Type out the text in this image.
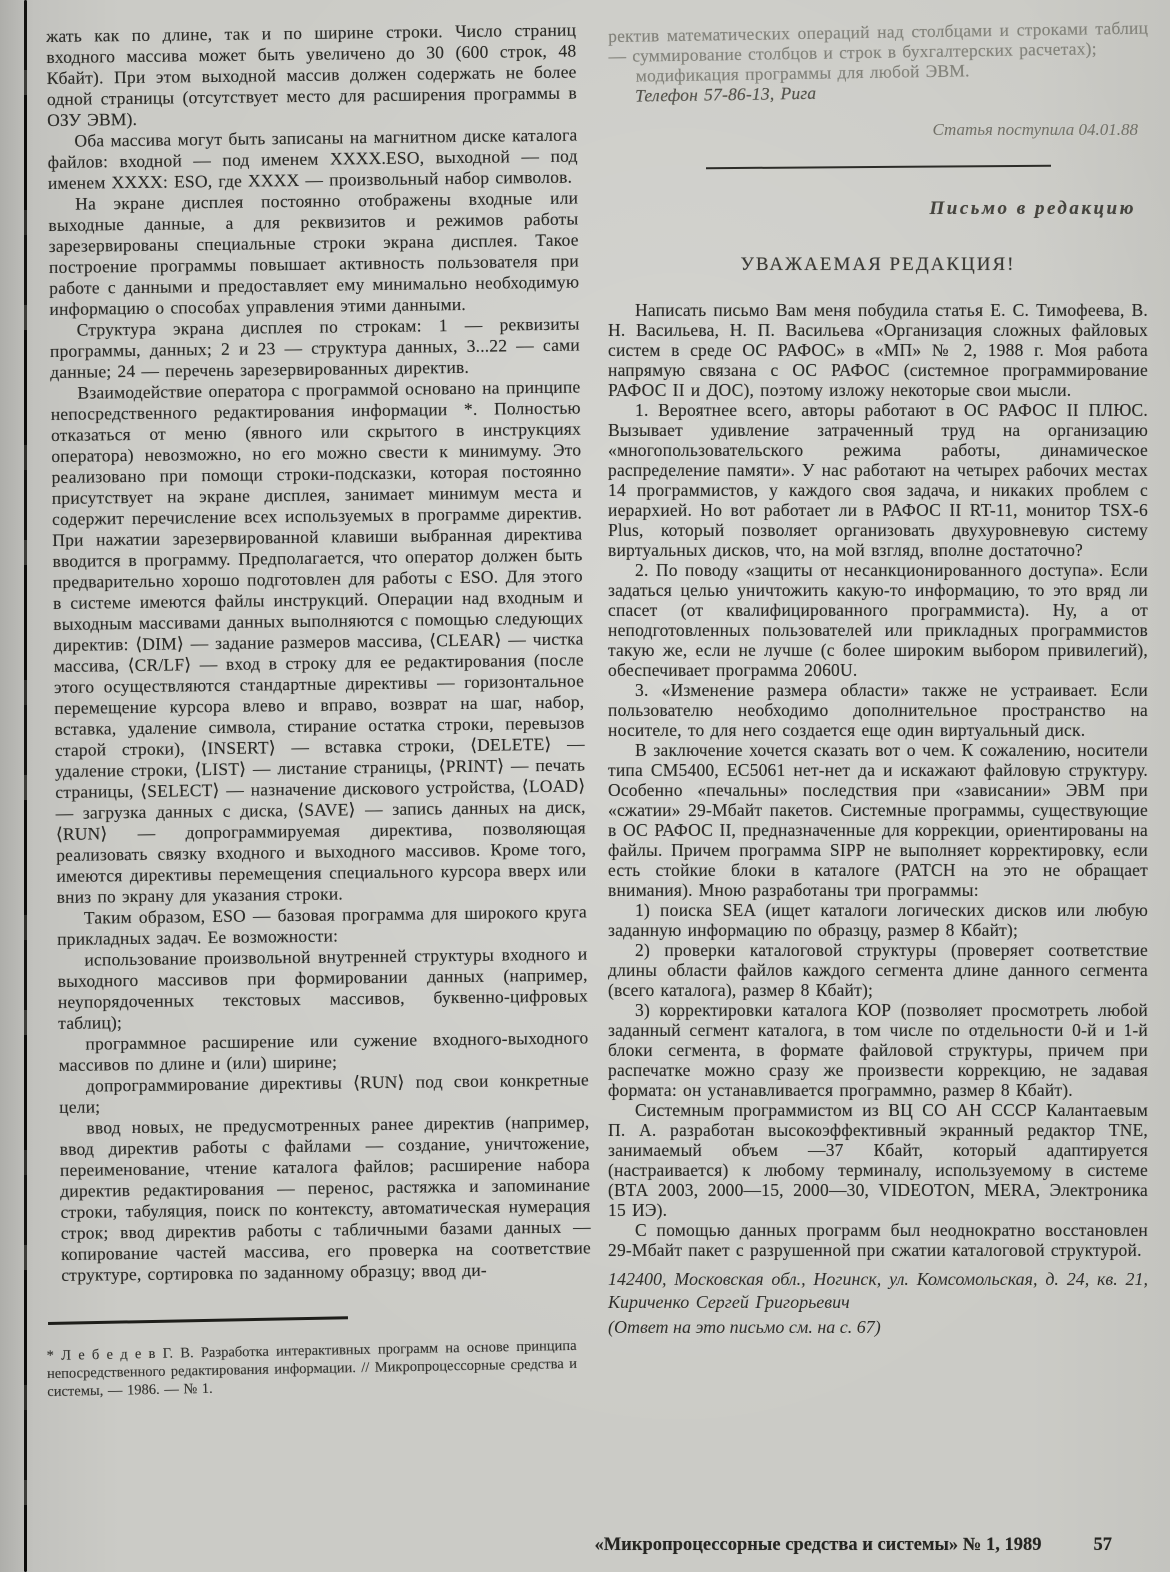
жать как по длине, так и по ширине строки. Число страниц входного массива может быть увеличено до 30 (600 строк, 48 Кбайт). При этом выходной массив должен содержать не более одной страницы (отсутствует место для расширения программы в ОЗУ ЭВМ).

Оба массива могут быть записаны на магнитном диске каталога файлов: входной — под именем XXXX.ESO, выходной — под именем XXXX: ESO, где XXXX — произвольный набор символов.

На экране дисплея постоянно отображены входные или выходные данные, а для реквизитов и режимов работы зарезервированы специальные строки экрана дисплея. Такое построение программы повышает активность пользователя при работе с данными и предоставляет ему минимально необходимую информацию о способах управления этими данными.

Структура экрана дисплея по строкам: 1 — реквизиты программы, данных; 2 и 23 — структура данных, 3...22 — сами данные; 24 — перечень зарезервированных директив.

Взаимодействие оператора с программой основано на принципе непосредственного редактирования информации *. Полностью отказаться от меню (явного или скрытого в инструкциях оператора) невозможно, но его можно свести к минимуму. Это реализовано при помощи строки-подсказки, которая постоянно присутствует на экране дисплея, занимает минимум места и содержит перечисление всех используемых в программе директив. При нажатии зарезервированной клавиши выбранная директива вводится в программу. Предполагается, что оператор должен быть предварительно хорошо подготовлен для работы с ESO. Для этого в системе имеются файлы инструкций. Операции над входным и выходным массивами данных выполняются с помощью следующих директив: ⟨DIM⟩ — задание размеров массива, ⟨CLEAR⟩ — чистка массива, ⟨CR/LF⟩ — вход в строку для ее редактирования (после этого осуществляются стандартные директивы — горизонтальное перемещение курсора влево и вправо, возврат на шаг, набор, вставка, удаление символа, стирание остатка строки, перевызов старой строки), ⟨INSERT⟩ — вставка строки, ⟨DELETE⟩ — удаление строки, ⟨LIST⟩ — листание страницы, ⟨PRINT⟩ — печать страницы, ⟨SELECT⟩ — назначение дискового устройства, ⟨LOAD⟩ — загрузка данных с диска, ⟨SAVE⟩ — запись данных на диск, ⟨RUN⟩ — допрограммируемая директива, позволяющая реализовать связку входного и выходного массивов. Кроме того, имеются директивы перемещения специального курсора вверх или вниз по экрану для указания строки.

Таким образом, ESO — базовая программа для широкого круга прикладных задач. Ее возможности:

использование произвольной внутренней структуры входного и выходного массивов при формировании данных (например, неупорядоченных текстовых массивов, буквенно-цифровых таблиц);

программное расширение или сужение входного-выходного массивов по длине и (или) ширине;

допрограммирование директивы ⟨RUN⟩ под свои конкретные цели;

ввод новых, не предусмотренных ранее директив (например, ввод директив работы с файлами — создание, уничтожение, переименование, чтение каталога файлов; расширение набора директив редактирования — перенос, растяжка и запоминание строки, табуляция, поиск по контексту, автоматическая нумерация строк; ввод директив работы с табличными базами данных — копирование частей массива, его проверка на соответствие структуре, сортировка по заданному образцу; ввод ди-

* Л е б е д е в Г. В. Разработка интерактивных программ на основе принципа непосредственного редактирования информации. // Микропроцессорные средства и системы, — 1986. — № 1.

ректив математических операций над столбцами и строками таблиц — суммирование столбцов и строк в бухгалтерских расчетах);

модификация программы для любой ЭВМ.

Телефон 57-86-13, Рига

Статья поступила 04.01.88
Письмо в редакцию
УВАЖАЕМАЯ РЕДАКЦИЯ!

Написать письмо Вам меня побудила статья Е. С. Тимофеева, В. Н. Васильева, Н. П. Васильева «Организация сложных файловых систем в среде ОС РАФОС» в «МП» № 2, 1988 г. Моя работа напрямую связана с ОС РАФОС (системное программирование РАФОС II и ДОС), поэтому изложу некоторые свои мысли.

1. Вероятнее всего, авторы работают в ОС РАФОС II ПЛЮС. Вызывает удивление затраченный труд на организацию «многопользовательского режима работы, динамическое распределение памяти». У нас работают на четырех рабочих местах 14 программистов, у каждого своя задача, и никаких проблем с иерархией. Но вот работает ли в РАФОС II RT-11, монитор TSX-6 Plus, который позволяет организовать двухуровневую систему виртуальных дисков, что, на мой взгляд, вполне достаточно?

2. По поводу «защиты от несанкционированного доступа». Если задаться целью уничтожить какую-то информацию, то это вряд ли спасет (от квалифицированного программиста). Ну, а от неподготовленных пользователей или прикладных программистов такую же, если не лучше (с более широким выбором привилегий), обеспечивает программа 2060U.

3. «Изменение размера области» также не устраивает. Если пользователю необходимо дополнительное пространство на носителе, то для него создается еще один виртуальный диск.

В заключение хочется сказать вот о чем. К сожалению, носители типа СМ5400, ЕС5061 нет-нет да и искажают файловую структуру. Особенно «печальны» последствия при «зависании» ЭВМ при «сжатии» 29-Мбайт пакетов. Системные программы, существующие в ОС РАФОС II, предназначенные для коррекции, ориентированы на файлы. Причем программа SIPP не выполняет корректировку, если есть стойкие блоки в каталоге (PATCH на это не обращает внимания). Мною разработаны три программы:

1) поиска SEA (ищет каталоги логических дисков или любую заданную информацию по образцу, размер 8 Кбайт);

2) проверки каталоговой структуры (проверяет соответствие длины области файлов каждого сегмента длине данного сегмента (всего каталога), размер 8 Кбайт);

3) корректировки каталога КОР (позволяет просмотреть любой заданный сегмент каталога, в том числе по отдельности 0-й и 1-й блоки сегмента, в формате файловой структуры, причем при распечатке можно сразу же произвести коррекцию, не задавая формата: он устанавливается программно, размер 8 Кбайт).

Системным программистом из ВЦ СО АН СССР Калантаевым П. А. разработан высокоэффективный экранный редактор TNE, занимаемый объем —37 Кбайт, который адаптируется (настраивается) к любому терминалу, используемому в системе (ВТА 2003, 2000—15, 2000—30, VIDEOTON, MERA, Электроника 15 ИЭ).

С помощью данных программ был неоднократно восстановлен 29-Мбайт пакет с разрушенной при сжатии каталоговой структурой.

142400, Московская обл., Ногинск, ул. Комсомольская, д. 24, кв. 21, Кириченко Сергей Григорьевич
(Ответ на это письмо см. на с. 67)
«Микропроцессорные средства и системы» № 1, 1989	57
